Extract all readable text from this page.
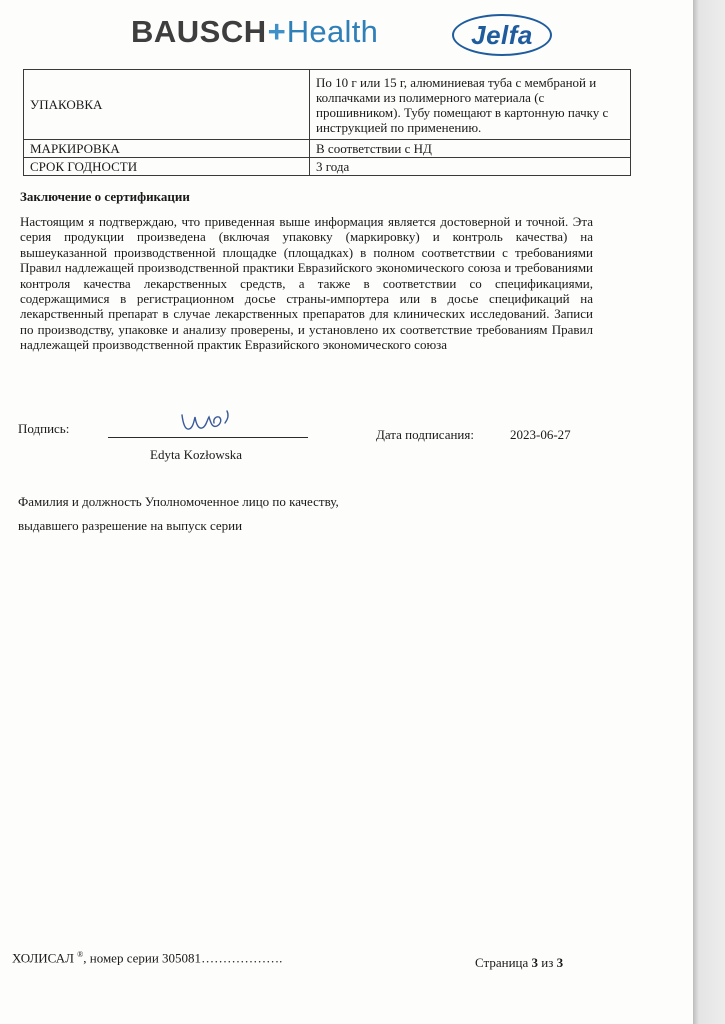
BAUSCH+Health	Jelfa
УПАКОВКА	По 10 г или 15 г, алюминиевая туба с мембраной и колпачками из полимерного материала (с прошивником). Тубу помещают в картонную пачку с инструкцией по применению.
МАРКИРОВКА	В соответствии с НД
СРОК ГОДНОСТИ	3 года
Заключение о сертификации
Настоящим я подтверждаю, что приведенная выше информация является достоверной и точной. Эта серия продукции произведена (включая упаковку (маркировку) и контроль качества) на вышеуказанной производственной площадке (площадках) в полном соответствии с требованиями Правил надлежащей производственной практики Евразийского экономического союза и требованиями контроля качества лекарственных средств, а также в соответствии со спецификациями, содержащимися в регистрационном досье страны-импортера или в досье спецификаций на лекарственный препарат в случае лекарственных препаратов для клинических исследований. Записи по производству, упаковке и анализу проверены, и установлено их соответствие требованиям Правил надлежащей производственной практик Евразийского экономического союза
Подпись:
Edyta Kozłowska
Дата подписания:	2023-06-27
Фамилия и должность Уполномоченное лицо по качеству,
выдавшего разрешение на выпуск серии
ХОЛИСАЛ ®, номер серии 305081……………….	Страница 3 из 3
